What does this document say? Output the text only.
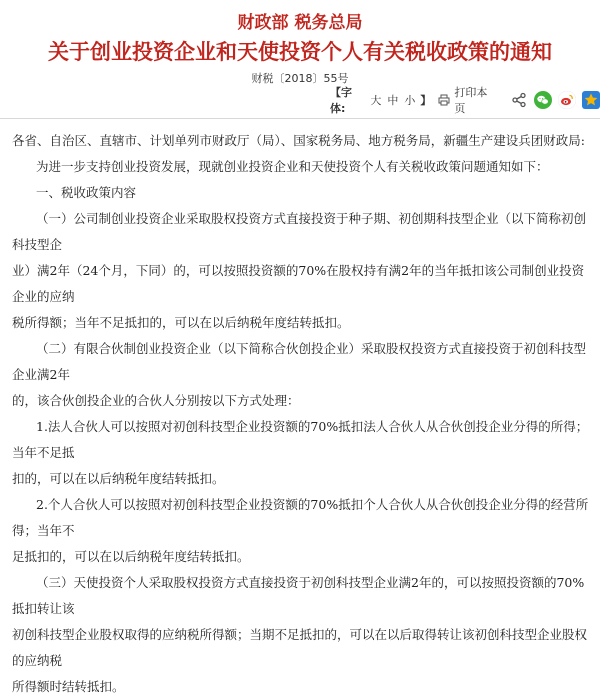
财政部 税务总局
关于创业投资企业和天使投资个人有关税收政策的通知
财税〔2018〕55号
【字体:
大 中 小 】
打印本页

各省、自治区、直辖市、计划单列市财政厅（局）、国家税务局、地方税务局，新疆生产建设兵团财政局:

为进一步支持创业投资发展，现就创业投资企业和天使投资个人有关税收政策问题通知如下：

一、税收政策内容

（一）公司制创业投资企业采取股权投资方式直接投资于种子期、初创期科技型企业（以下简称初创科技型企

业）满2年（24个月，下同）的，可以按照投资额的70%在股权持有满2年的当年抵扣该公司制创业投资企业的应纳

税所得额；当年不足抵扣的，可以在以后纳税年度结转抵扣。

（二）有限合伙制创业投资企业（以下简称合伙创投企业）采取股权投资方式直接投资于初创科技型企业满2年

的，该合伙创投企业的合伙人分别按以下方式处理：

1.法人合伙人可以按照对初创科技型企业投资额的70%抵扣法人合伙人从合伙创投企业分得的所得；当年不足抵

扣的，可以在以后纳税年度结转抵扣。

2.个人合伙人可以按照对初创科技型企业投资额的70%抵扣个人合伙人从合伙创投企业分得的经营所得；当年不

足抵扣的，可以在以后纳税年度结转抵扣。

（三）天使投资个人采取股权投资方式直接投资于初创科技型企业满2年的，可以按照投资额的70%抵扣转让该

初创科技型企业股权取得的应纳税所得额；当期不足抵扣的，可以在以后取得转让该初创科技型企业股权的应纳税

所得额时结转抵扣。
